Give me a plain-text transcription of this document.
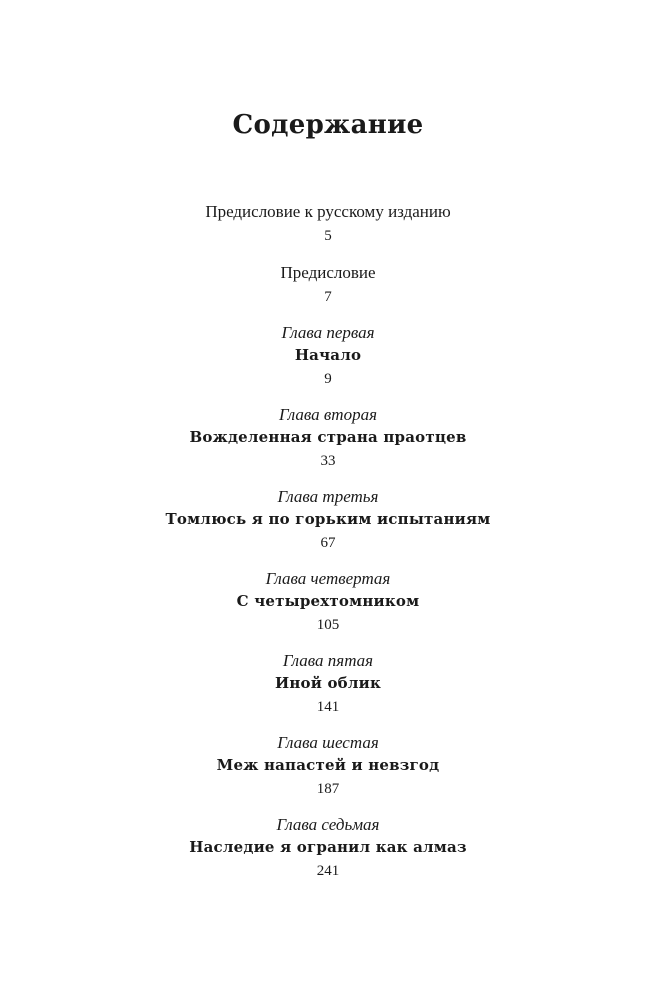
Содержание
Предисловие к русскому изданию
5
Предисловие
7
Глава первая
Начало
9
Глава вторая
Вожделенная страна праотцев
33
Глава третья
Томлюсь я по горьким испытаниям
67
Глава четвертая
С четырехтомником
105
Глава пятая
Иной облик
141
Глава шестая
Меж напастей и невзгод
187
Глава седьмая
Наследие я огранил как алмаз
241
